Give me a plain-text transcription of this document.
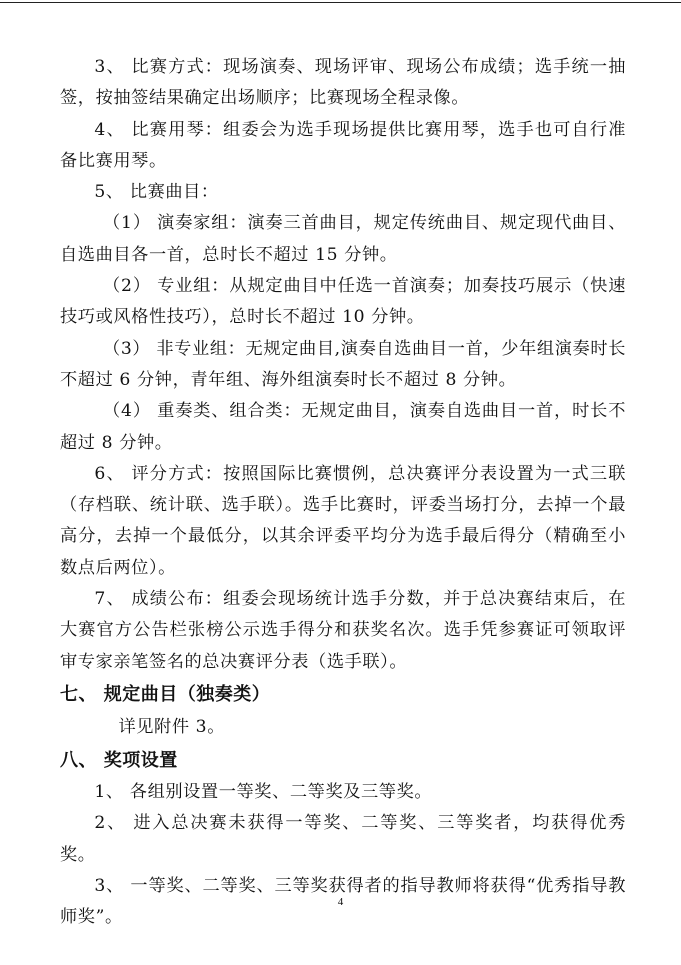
3、 比赛方式：现场演奏、现场评审、现场公布成绩；选手统一抽签，按抽签结果确定出场顺序；比赛现场全程录像。

4、 比赛用琴：组委会为选手现场提供比赛用琴，选手也可自行准备比赛用琴。

5、 比赛曲目：

（1） 演奏家组：演奏三首曲目，规定传统曲目、规定现代曲目、自选曲目各一首，总时长不超过 15 分钟。

（2） 专业组：从规定曲目中任选一首演奏；加奏技巧展示（快速技巧或风格性技巧），总时长不超过 10 分钟。

（3） 非专业组：无规定曲目,演奏自选曲目一首，少年组演奏时长不超过 6 分钟，青年组、海外组演奏时长不超过 8 分钟。

（4） 重奏类、组合类：无规定曲目，演奏自选曲目一首，时长不超过 8 分钟。

6、 评分方式：按照国际比赛惯例，总决赛评分表设置为一式三联（存档联、统计联、选手联）。选手比赛时，评委当场打分，去掉一个最高分，去掉一个最低分，以其余评委平均分为选手最后得分（精确至小数点后两位）。

7、 成绩公布：组委会现场统计选手分数，并于总决赛结束后，在大赛官方公告栏张榜公示选手得分和获奖名次。选手凭参赛证可领取评审专家亲笔签名的总决赛评分表（选手联）。

七、 规定曲目（独奏类）

详见附件 3。

八、 奖项设置

1、 各组别设置一等奖、二等奖及三等奖。

2、 进入总决赛未获得一等奖、二等奖、三等奖者，均获得优秀奖。

3、 一等奖、二等奖、三等奖获得者的指导教师将获得“优秀指导教师奖”。

4
